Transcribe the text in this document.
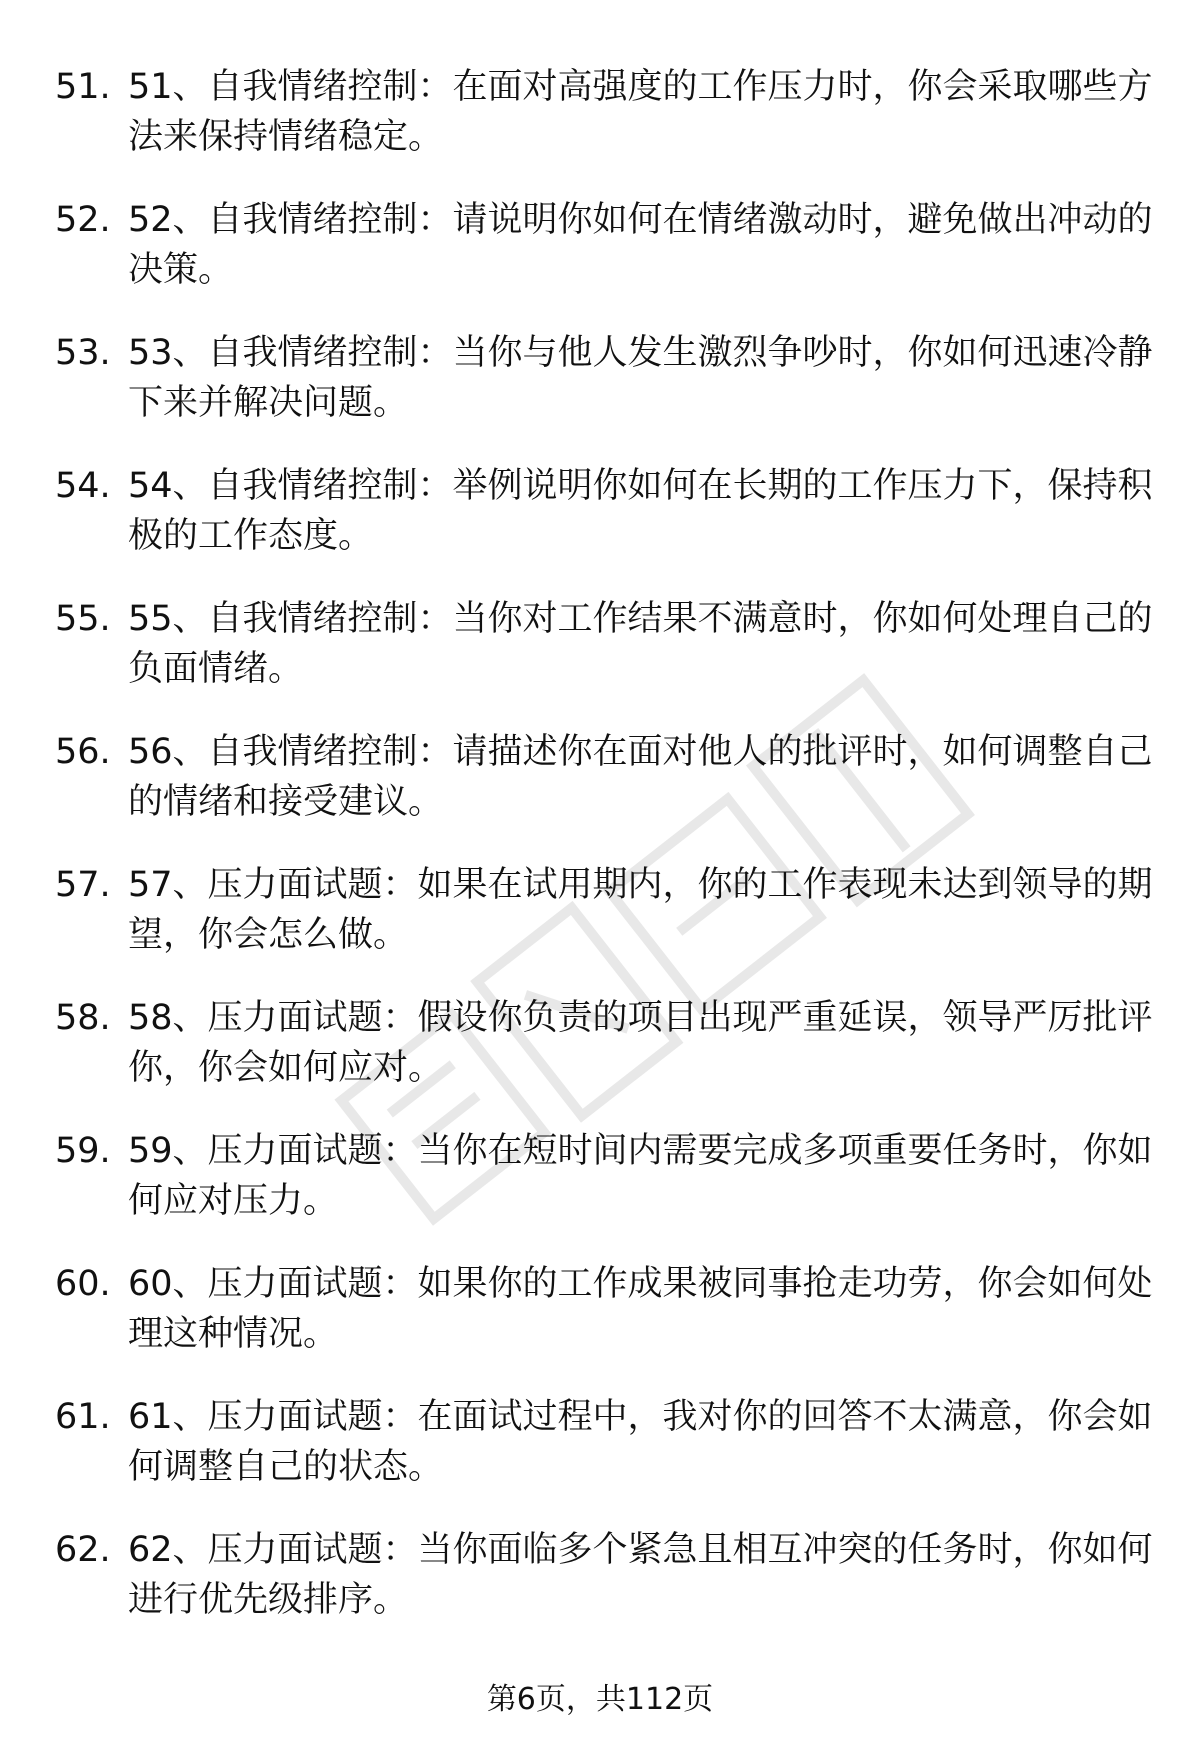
51. 51、自我情绪控制：在面对高强度的工作压力时，你会采取哪些方法来保持情绪稳定。
52. 52、自我情绪控制：请说明你如何在情绪激动时，避免做出冲动的决策。
53. 53、自我情绪控制：当你与他人发生激烈争吵时，你如何迅速冷静下来并解决问题。
54. 54、自我情绪控制：举例说明你如何在长期的工作压力下，保持积极的工作态度。
55. 55、自我情绪控制：当你对工作结果不满意时，你如何处理自己的负面情绪。
56. 56、自我情绪控制：请描述你在面对他人的批评时，如何调整自己的情绪和接受建议。
57. 57、压力面试题：如果在试用期内，你的工作表现未达到领导的期望，你会怎么做。
58. 58、压力面试题：假设你负责的项目出现严重延误，领导严厉批评你，你会如何应对。
59. 59、压力面试题：当你在短时间内需要完成多项重要任务时，你如何应对压力。
60. 60、压力面试题：如果你的工作成果被同事抢走功劳，你会如何处理这种情况。
61. 61、压力面试题：在面试过程中，我对你的回答不太满意，你会如何调整自己的状态。
62. 62、压力面试题：当你面临多个紧急且相互冲突的任务时，你如何进行优先级排序。
第6页，共112页
